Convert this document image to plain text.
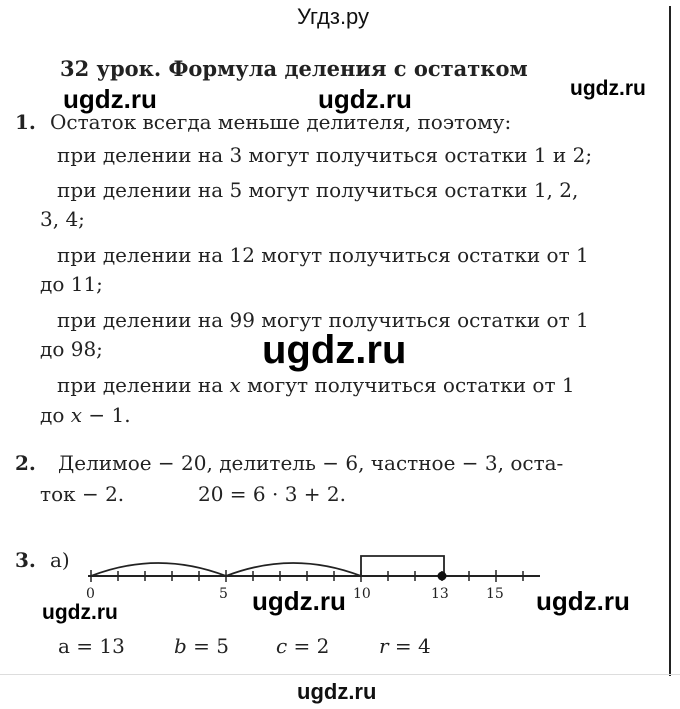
Угдз.ру
32 урок. Формула деления с остатком
ugdz.ru	ugdz.ru	ugdz.ru
ugdz.ru
ugdz.ru	ugdz.ru	ugdz.ru
1. Остаток всегда меньше делителя, поэтому:
при делении на 3 могут получиться остатки 1 и 2;
при делении на 5 могут получиться остатки 1, 2,
3, 4;
при делении на 12 могут получиться остатки от 1
до 11;
при делении на 99 могут получиться остатки от 1
до 98;
при делении на x могут получиться остатки от 1
до x − 1.
2. Делимое − 20, делитель − 6, частное − 3, оста-
ток − 2.	20 = 6 · 3 + 2.
3. а)
0	5	10	13	15
a = 13 b = 5 c = 2 r = 4
ugdz.ru
